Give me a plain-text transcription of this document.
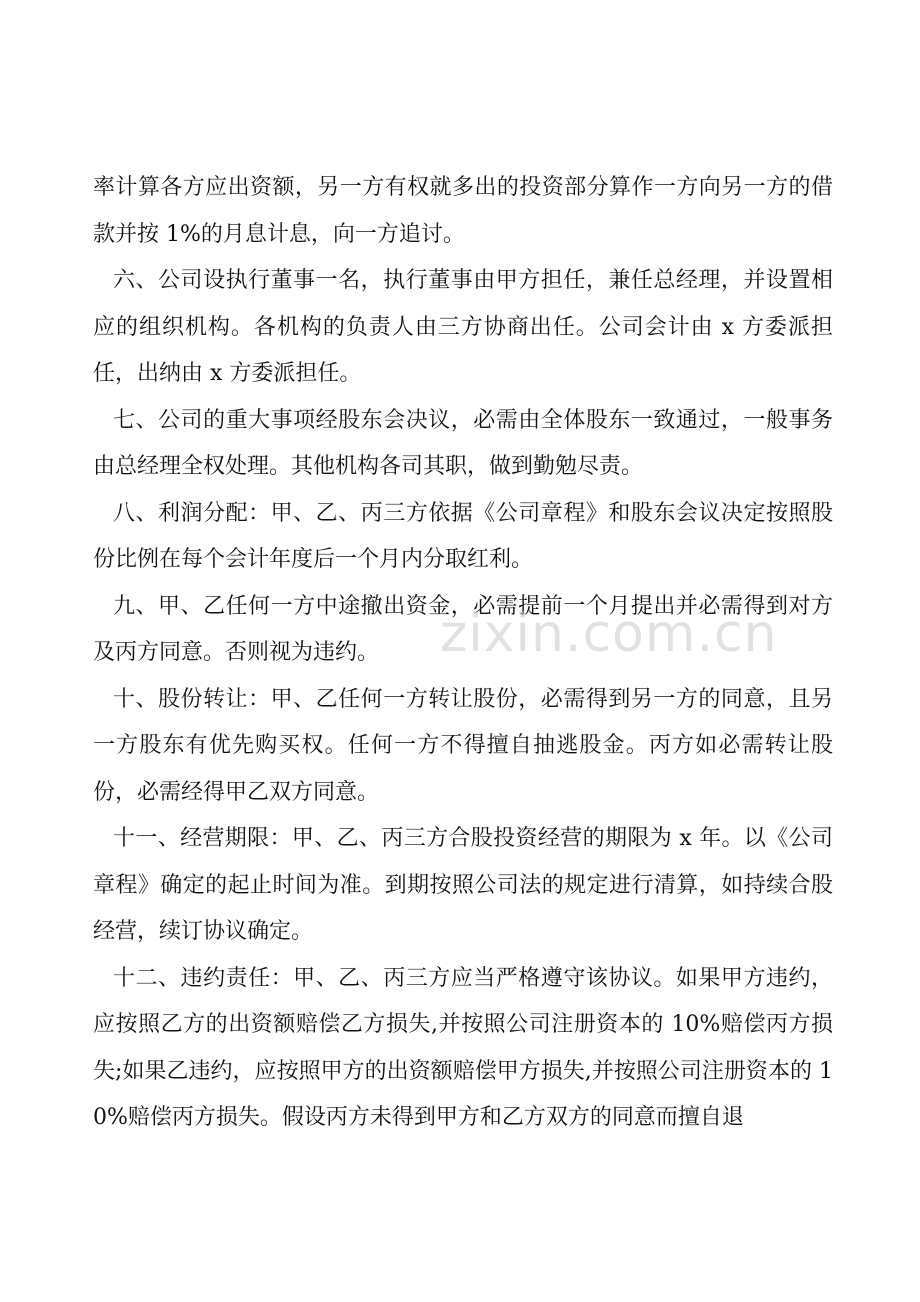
率计算各方应出资额，另一方有权就多出的投资部分算作一方向另一方的借款并按 1%的月息计息，向一方追讨。

六、公司设执行董事一名，执行董事由甲方担任，兼任总经理，并设置相应的组织机构。各机构的负责人由三方协商出任。公司会计由 x 方委派担任，出纳由 x 方委派担任。

七、公司的重大事项经股东会决议，必需由全体股东一致通过，一般事务由总经理全权处理。其他机构各司其职，做到勤勉尽责。

八、利润分配：甲、乙、丙三方依据《公司章程》和股东会议决定按照股份比例在每个会计年度后一个月内分取红利。

九、甲、乙任何一方中途撤出资金，必需提前一个月提出并必需得到对方及丙方同意。否则视为违约。

十、股份转让：甲、乙任何一方转让股份，必需得到另一方的同意，且另一方股东有优先购买权。任何一方不得擅自抽逃股金。丙方如必需转让股份，必需经得甲乙双方同意。

十一、经营期限：甲、乙、丙三方合股投资经营的期限为 x 年。以《公司章程》确定的起止时间为准。到期按照公司法的规定进行清算，如持续合股经营，续订协议确定。

十二、违约责任：甲、乙、丙三方应当严格遵守该协议。如果甲方违约，应按照乙方的出资额赔偿乙方损失,并按照公司注册资本的 10%赔偿丙方损失;如果乙违约，应按照甲方的出资额赔偿甲方损失,并按照公司注册资本的 10%赔偿丙方损失。假设丙方未得到甲方和乙方双方的同意而擅自退

zixin.com.cn
